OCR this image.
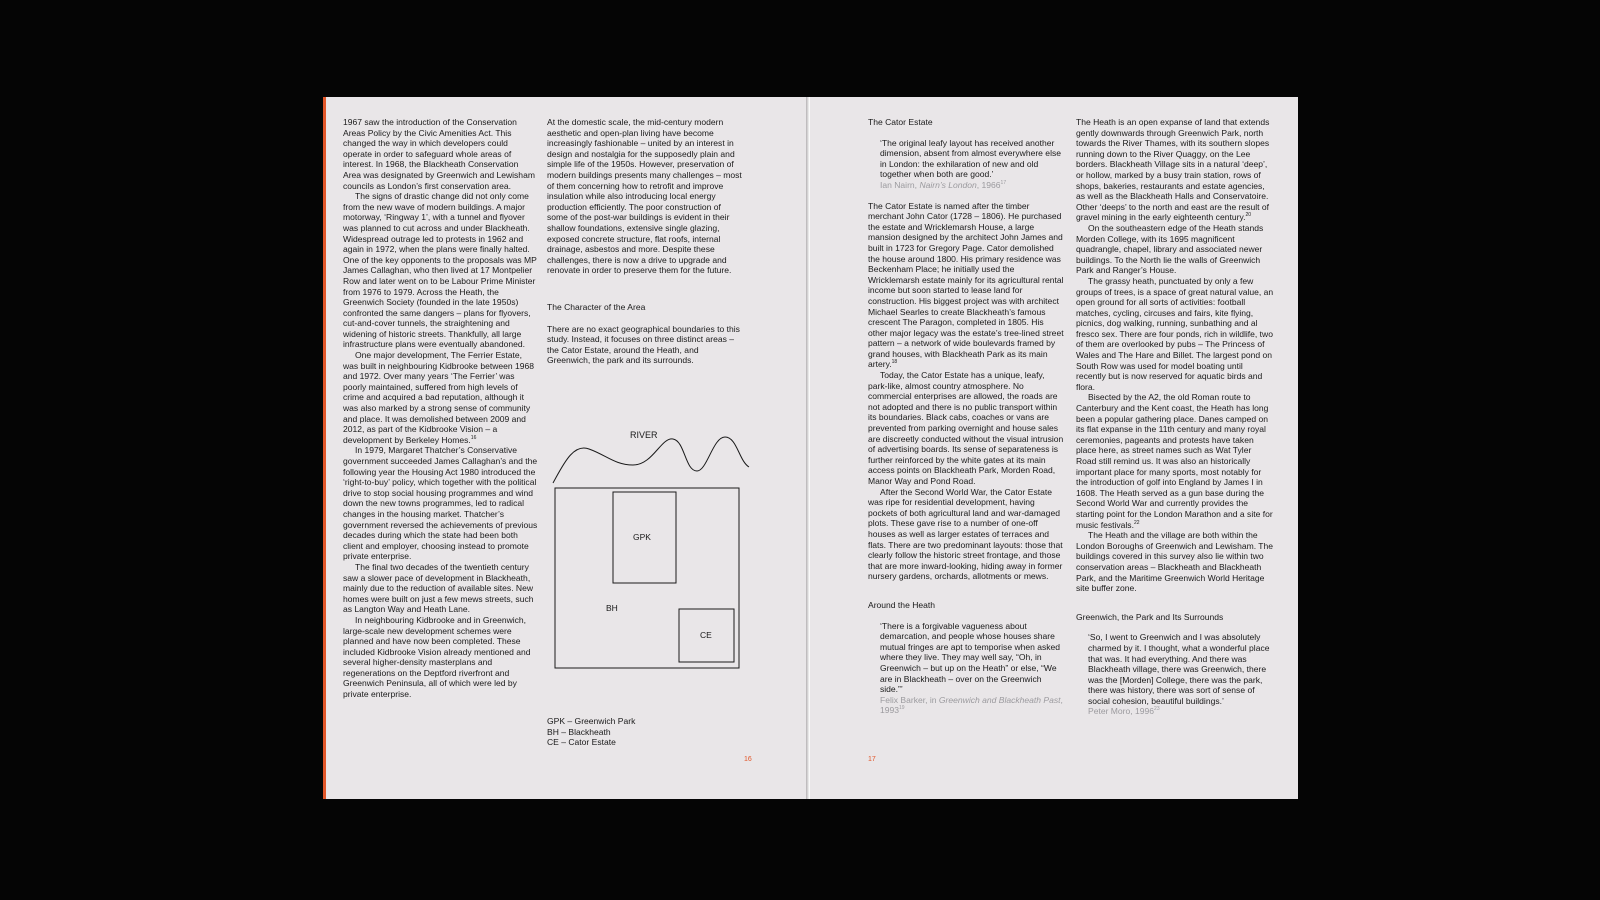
1967 saw the introduction of the Conservation Areas Policy by the Civic Amenities Act. This changed the way in which developers could operate in order to safeguard whole areas of interest. In 1968, the Blackheath Conservation Area was designated by Greenwich and Lewisham councils as London’s first conservation area.

The signs of drastic change did not only come from the new wave of modern buildings. A major motorway, ‘Ringway 1’, with a tunnel and flyover was planned to cut across and under Blackheath. Widespread outrage led to protests in 1962 and again in 1972, when the plans were finally halted. One of the key opponents to the proposals was MP James Callaghan, who then lived at 17 Montpelier Row and later went on to be Labour Prime Minister from 1976 to 1979. Across the Heath, the Greenwich Society (founded in the late 1950s) confronted the same dangers – plans for flyovers, cut-and-cover tunnels, the straightening and widening of historic streets. Thankfully, all large infrastructure plans were eventually abandoned.

One major development, The Ferrier Estate, was built in neighbouring Kidbrooke between 1968 and 1972. Over many years ‘The Ferrier’ was poorly maintained, suffered from high levels of crime and acquired a bad reputation, although it was also marked by a strong sense of community and place. It was demolished between 2009 and 2012, as part of the Kidbrooke Vision – a development by Berkeley Homes.$^{16}$

In 1979, Margaret Thatcher’s Conservative government succeeded James Callaghan’s and the following year the Housing Act 1980 introduced the ‘right-to-buy’ policy, which together with the political drive to stop social housing programmes and wind down the new towns programmes, led to radical changes in the housing market. Thatcher’s government reversed the achievements of previous decades during which the state had been both client and employer, choosing instead to promote private enterprise.

The final two decades of the twentieth century saw a slower pace of development in Blackheath, mainly due to the reduction of available sites. New homes were built on just a few mews streets, such as Langton Way and Heath Lane.

In neighbouring Kidbrooke and in Greenwich, large-scale new development schemes were planned and have now been completed. These included Kidbrooke Vision already mentioned and several higher-density masterplans and regenerations on the Deptford riverfront and Greenwich Peninsula, all of which were led by private enterprise.

At the domestic scale, the mid-century modern aesthetic and open-plan living have become increasingly fashionable – united by an interest in design and nostalgia for the supposedly plain and simple life of the 1950s. However, preservation of modern buildings presents many challenges – most of them concerning how to retrofit and improve insulation while also introducing local energy production efficiently. The poor construction of some of the post-war buildings is evident in their shallow foundations, extensive single glazing, exposed concrete structure, flat roofs, internal drainage, asbestos and more. Despite these challenges, there is now a drive to upgrade and renovate in order to preserve them for the future.

The Character of the Area

There are no exact geographical boundaries to this study. Instead, it focuses on three distinct areas – the Cator Estate, around the Heath, and Greenwich, the park and its surrounds.

RIVER
GPK
BH
CE

GPK – Greenwich Park

BH – Blackheath

CE – Cator Estate

16
The Cator Estate

‘The original leafy layout has received another dimension, absent from almost everywhere else in London: the exhilaration of new and old together when both are good.’

Ian Nairn, Nairn’s London, 1966$^{17}$

The Cator Estate is named after the timber merchant John Cator (1728 – 1806). He purchased the estate and Wricklemarsh House, a large mansion designed by the architect John James and built in 1723 for Gregory Page. Cator demolished the house around 1800. His primary residence was Beckenham Place; he initially used the Wricklemarsh estate mainly for its agricultural rental income but soon started to lease land for construction. His biggest project was with architect Michael Searles to create Blackheath’s famous crescent The Paragon, completed in 1805. His other major legacy was the estate’s tree-lined street pattern – a network of wide boulevards framed by grand houses, with Blackheath Park as its main artery.$^{18}$

Today, the Cator Estate has a unique, leafy, park-like, almost country atmosphere. No commercial enterprises are allowed, the roads are not adopted and there is no public transport within its boundaries. Black cabs, coaches or vans are prevented from parking overnight and house sales are discreetly conducted without the visual intrusion of advertising boards. Its sense of separateness is further reinforced by the white gates at its main access points on Blackheath Park, Morden Road, Manor Way and Pond Road.

After the Second World War, the Cator Estate was ripe for residential development, having pockets of both agricultural land and war-damaged plots. These gave rise to a number of one-off houses as well as larger estates of terraces and flats. There are two predominant layouts: those that clearly follow the historic street frontage, and those that are more inward-looking, hiding away in former nursery gardens, orchards, allotments or mews.

Around the Heath

‘There is a forgivable vagueness about demarcation, and people whose houses share mutual fringes are apt to temporise when asked where they live. They may well say, “Oh, in Greenwich – but up on the Heath” or else, “We are in Blackheath – over on the Greenwich side.”’

Felix Barker, in Greenwich and Blackheath Past, 1993$^{19}$

The Heath is an open expanse of land that extends gently downwards through Greenwich Park, north towards the River Thames, with its southern slopes running down to the River Quaggy, on the Lee borders. Blackheath Village sits in a natural ‘deep’, or hollow, marked by a busy train station, rows of shops, bakeries, restaurants and estate agencies, as well as the Blackheath Halls and Conservatoire. Other ‘deeps’ to the north and east are the result of gravel mining in the early eighteenth century.$^{20}$

On the southeastern edge of the Heath stands Morden College, with its 1695 magnificent quadrangle, chapel, library and associated newer buildings. To the North lie the walls of Greenwich Park and Ranger’s House.

The grassy heath, punctuated by only a few groups of trees, is a space of great natural value, an open ground for all sorts of activities: football matches, cycling, circuses and fairs, kite flying, picnics, dog walking, running, sunbathing and al fresco sex. There are four ponds, rich in wildlife, two of them are overlooked by pubs – The Princess of Wales and The Hare and Billet. The largest pond on South Row was used for model boating until recently but is now reserved for aquatic birds and flora.

Bisected by the A2, the old Roman route to Canterbury and the Kent coast, the Heath has long been a popular gathering place. Danes camped on its flat expanse in the 11th century and many royal ceremonies, pageants and protests have taken place here, as street names such as Wat Tyler Road still remind us. It was also an historically important place for many sports, most notably for the introduction of golf into England by James I in 1608. The Heath served as a gun base during the Second World War and currently provides the starting point for the London Marathon and a site for music festivals.$^{22}$

The Heath and the village are both within the London Boroughs of Greenwich and Lewisham. The buildings covered in this survey also lie within two conservation areas – Blackheath and Blackheath Park, and the Maritime Greenwich World Heritage site buffer zone.

Greenwich, the Park and Its Surrounds

‘So, I went to Greenwich and I was absolutely charmed by it. I thought, what a wonderful place that was. It had everything. And there was Blackheath village, there was Greenwich, there was the [Morden] College, there was the park, there was history, there was sort of sense of social cohesion, beautiful buildings.’

Peter Moro, 1996$^{23}$

17
